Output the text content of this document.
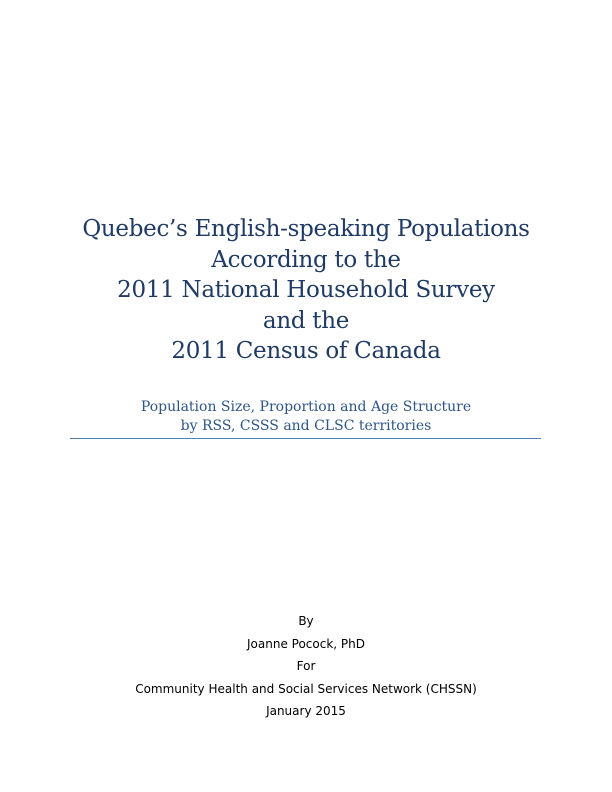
Quebec’s English-speaking Populations
According to the
2011 National Household Survey
and the
2011 Census of Canada
Population Size, Proportion and Age Structure
by RSS, CSSS and CLSC territories
By
Joanne Pocock, PhD
For
Community Health and Social Services Network (CHSSN)
January 2015
